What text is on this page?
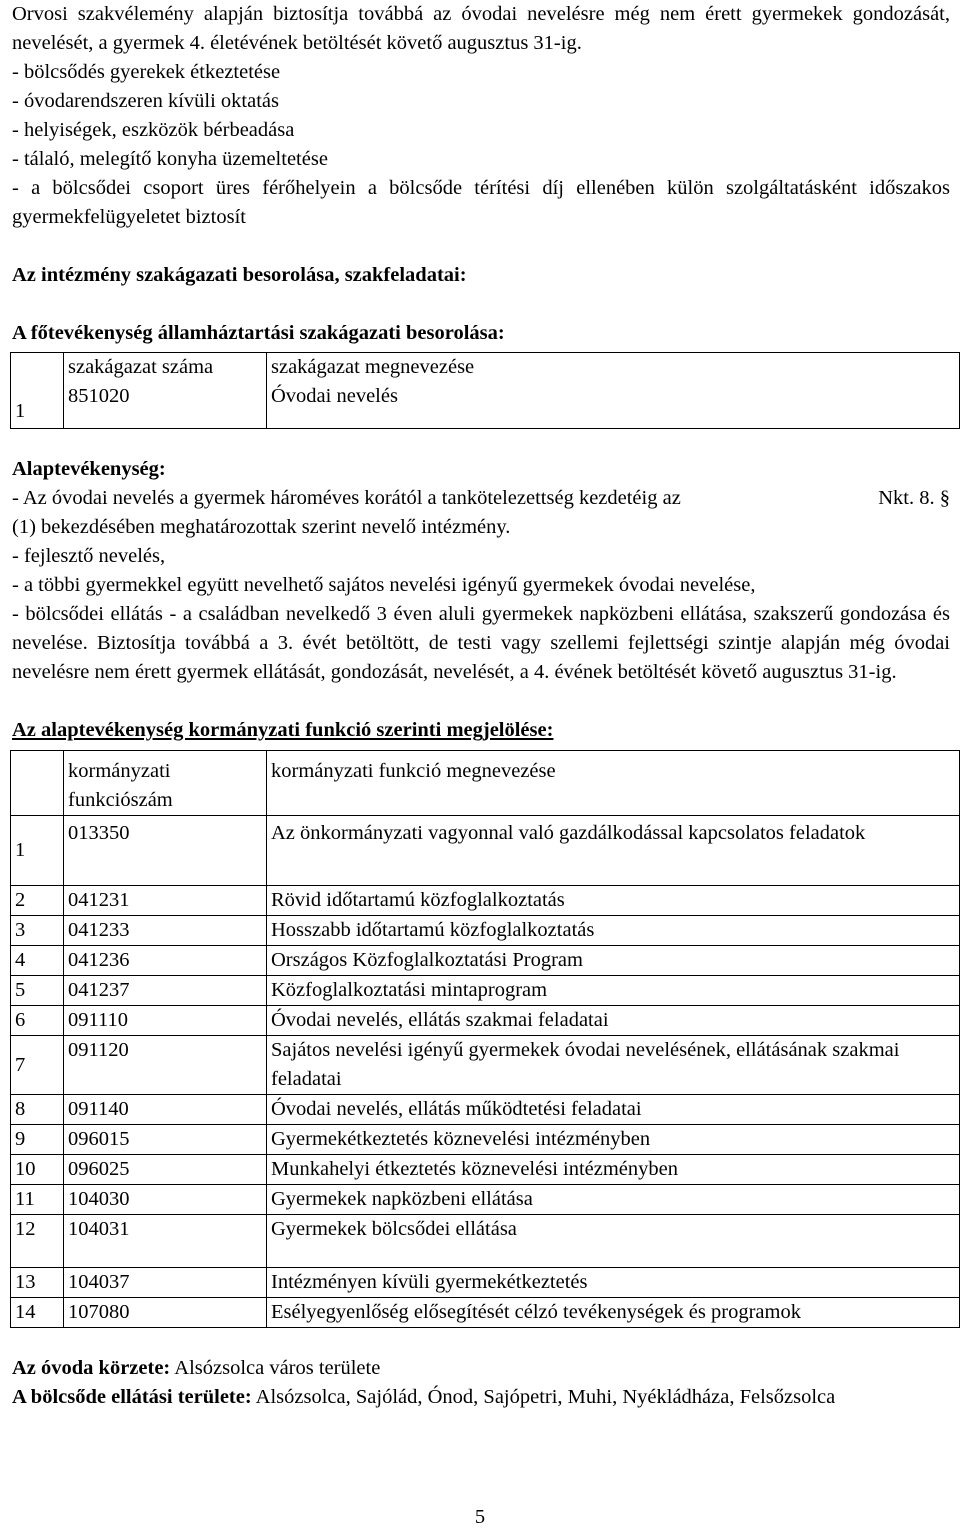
Orvosi szakvélemény alapján biztosítja továbbá az óvodai nevelésre még nem érett gyermekek gondozását, nevelését, a gyermek 4. életévének betöltését követő augusztus 31-ig.

- bölcsődés gyerekek étkeztetése

- óvodarendszeren kívüli oktatás

- helyiségek, eszközök bérbeadása

- tálaló, melegítő konyha üzemeltetése

- a bölcsődei csoport üres férőhelyein a bölcsőde térítési díj ellenében külön szolgáltatásként időszakos gyermekfelügyeletet biztosít

Az intézmény szakágazati besorolása, szakfeladatai:

A főtevékenység államháztartási szakágazati besorolása:

1	szakágazat száma	szakágazat megnevezése
	851020	Óvodai nevelés

Alaptevékenység:

- Az óvodai nevelés a gyermek hároméves korától a tankötelezettség kezdetéig az	Nkt. 8. §

(1) bekezdésében meghatározottak szerint nevelő intézmény.

- fejlesztő nevelés,

- a többi gyermekkel együtt nevelhető sajátos nevelési igényű gyermekek óvodai nevelése,

- bölcsődei ellátás - a családban nevelkedő 3 éven aluli gyermekek napközbeni ellátása, szakszerű gondozása és nevelése. Biztosítja továbbá a 3. évét betöltött, de testi vagy szellemi fejlettségi szintje alapján még óvodai nevelésre nem érett gyermek ellátását, gondozását, nevelését, a 4. évének betöltését követő augusztus 31-ig.

Az alaptevékenység kormányzati funkció szerinti megjelölése:

	kormányzati funkciószám	kormányzati funkció megnevezése
1	013350	Az önkormányzati vagyonnal való gazdálkodással kapcsolatos feladatok
2	041231	Rövid időtartamú közfoglalkoztatás
3	041233	Hosszabb időtartamú közfoglalkoztatás
4	041236	Országos Közfoglalkoztatási Program
5	041237	Közfoglalkoztatási mintaprogram
6	091110	Óvodai nevelés, ellátás szakmai feladatai
7	091120	Sajátos nevelési igényű gyermekek óvodai nevelésének, ellátásának szakmai feladatai
8	091140	Óvodai nevelés, ellátás működtetési feladatai
9	096015	Gyermekétkeztetés köznevelési intézményben
10	096025	Munkahelyi étkeztetés köznevelési intézményben
11	104030	Gyermekek napközbeni ellátása
12	104031	Gyermekek bölcsődei ellátása
13	104037	Intézményen kívüli gyermekétkeztetés
14	107080	Esélyegyenlőség elősegítését célzó tevékenységek és programok

Az óvoda körzete: Alsózsolca város területe

A bölcsőde ellátási területe: Alsózsolca, Sajólád, Ónod, Sajópetri, Muhi, Nyékládháza, Felsőzsolca

5
